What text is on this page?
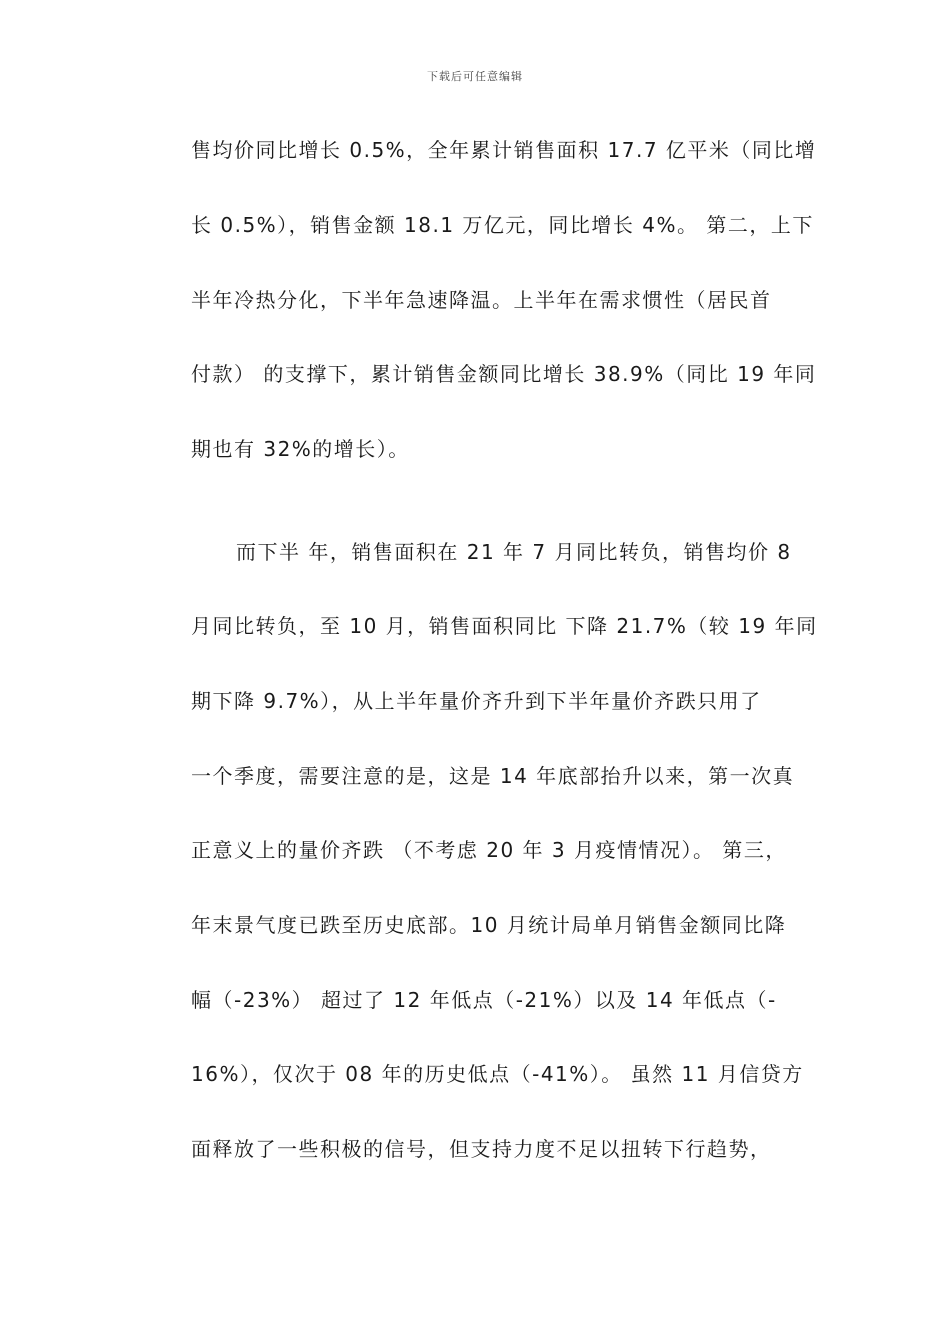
下载后可任意编辑
售均价同比增长 0.5%，全年累计销售面积 17.7 亿平米（同比增
长 0.5%），销售金额 18.1 万亿元，同比增长 4%。 第二，上下
半年冷热分化，下半年急速降温。上半年在需求惯性（居民首
付款） 的支撑下，累计销售金额同比增长 38.9%（同比 19 年同
期也有 32%的增长）。
而下半 年，销售面积在 21 年 7 月同比转负，销售均价 8
月同比转负，至 10 月，销售面积同比 下降 21.7%（较 19 年同
期下降 9.7%），从上半年量价齐升到下半年量价齐跌只用了
一个季度，需要注意的是，这是 14 年底部抬升以来，第一次真
正意义上的量价齐跌 （不考虑 20 年 3 月疫情情况）。 第三，
年末景气度已跌至历史底部。10 月统计局单月销售金额同比降
幅（-23%） 超过了 12 年低点（-21%）以及 14 年低点（-
16%），仅次于 08 年的历史低点（-41%）。 虽然 11 月信贷方
面释放了一些积极的信号，但支持力度不足以扭转下行趋势，
